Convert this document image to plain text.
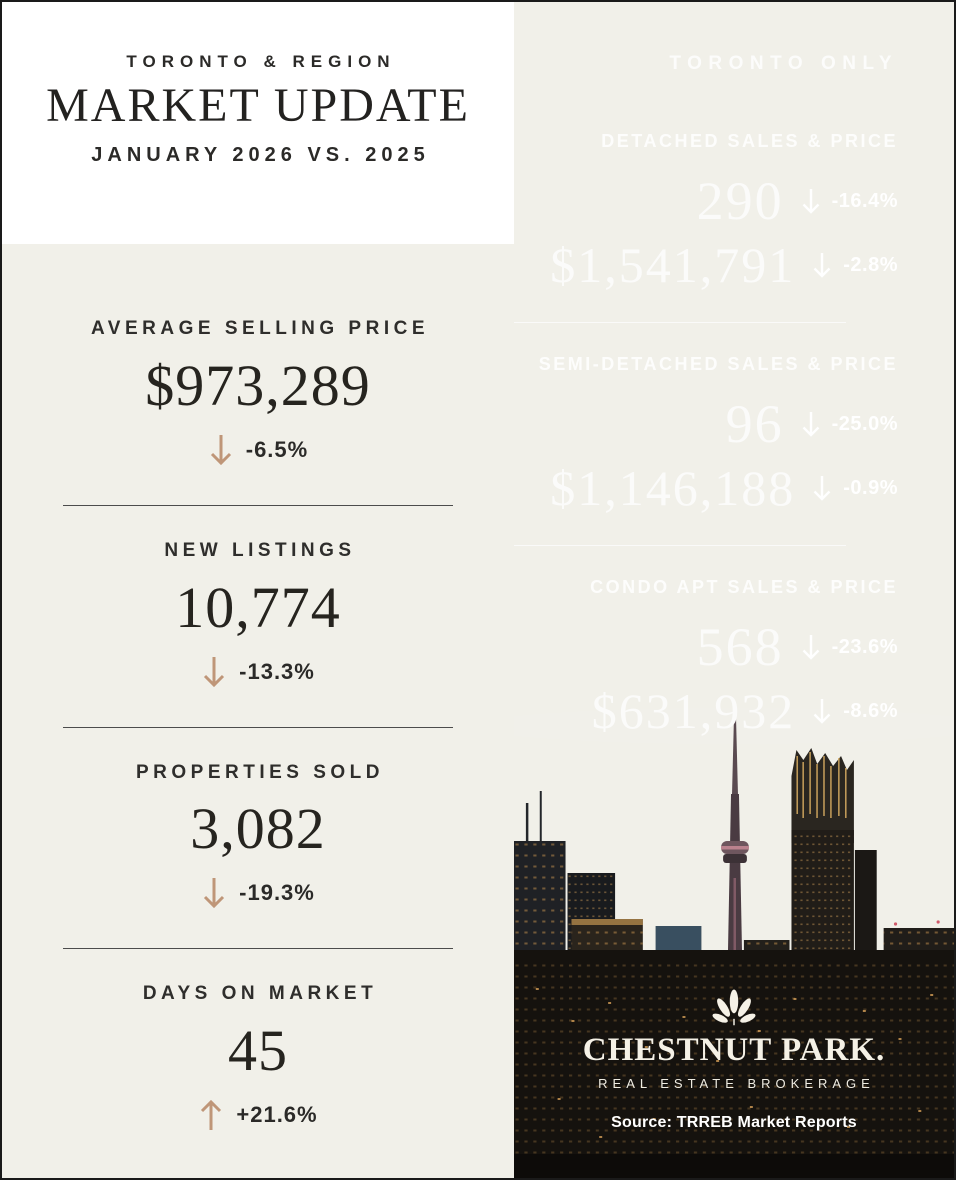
TORONTO & REGION
MARKET UPDATE
JANUARY 2026 VS. 2025
AVERAGE SELLING PRICE
$973,289
-6.5%
NEW LISTINGS
10,774
-13.3%
PROPERTIES SOLD
3,082
-19.3%
DAYS ON MARKET
45
+21.6%
TORONTO ONLY
DETACHED SALES & PRICE
290 -16.4%
$1,541,791 -2.8%
SEMI-DETACHED SALES & PRICE
96 -25.0%
$1,146,188 -0.9%
CONDO APT SALES & PRICE
568 -23.6%
$631,932 -8.6%
CHESTNUT PARK.
REAL ESTATE BROKERAGE
Source: TRREB Market Reports
